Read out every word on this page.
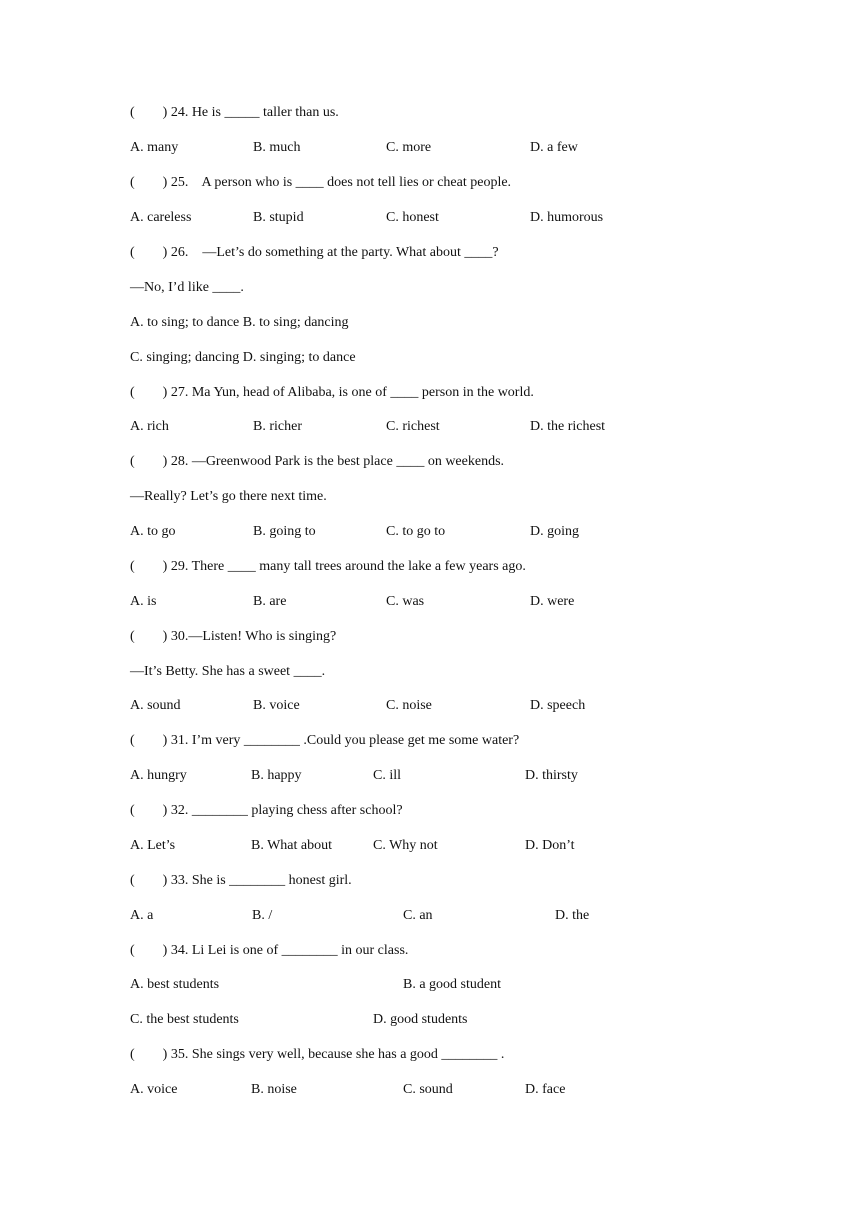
(        ) 24. He is _____ taller than us.
A. many	B. much	C. more	D. a few
(        ) 25.    A person who is ____ does not tell lies or cheat people.
A. careless	B. stupid	C. honest	D. humorous
(        ) 26.    —Let’s do something at the party. What about ____?
—No, I’d like ____.
A. to sing; to dance B. to sing; dancing
C. singing; dancing D. singing; to dance
(        ) 27. Ma Yun, head of Alibaba, is one of ____ person in the world.
A. rich	B. richer	C. richest	D. the richest
(        ) 28. —Greenwood Park is the best place ____ on weekends.
—Really? Let’s go there next time.
A. to go	B. going to	C. to go to	D. going
(        ) 29. There ____ many tall trees around the lake a few years ago.
A. is	B. are	C. was	D. were
(        ) 30.—Listen! Who is singing?
—It’s Betty. She has a sweet ____.
A. sound	B. voice	C. noise	D. speech
(        ) 31. I’m very ________ .Could you please get me some water?
A. hungry	B. happy	C. ill	D. thirsty
(        ) 32. ________ playing chess after school?
A. Let’s	B. What about	C. Why not	D. Don’t
(        ) 33. She is ________ honest girl.
A. a	B. /	C. an	D. the
(        ) 34. Li Lei is one of ________ in our class.
A. best students	B. a good student
C. the best students	D. good students
(        ) 35. She sings very well, because she has a good ________ .
A. voice	B. noise	C. sound	D. face
